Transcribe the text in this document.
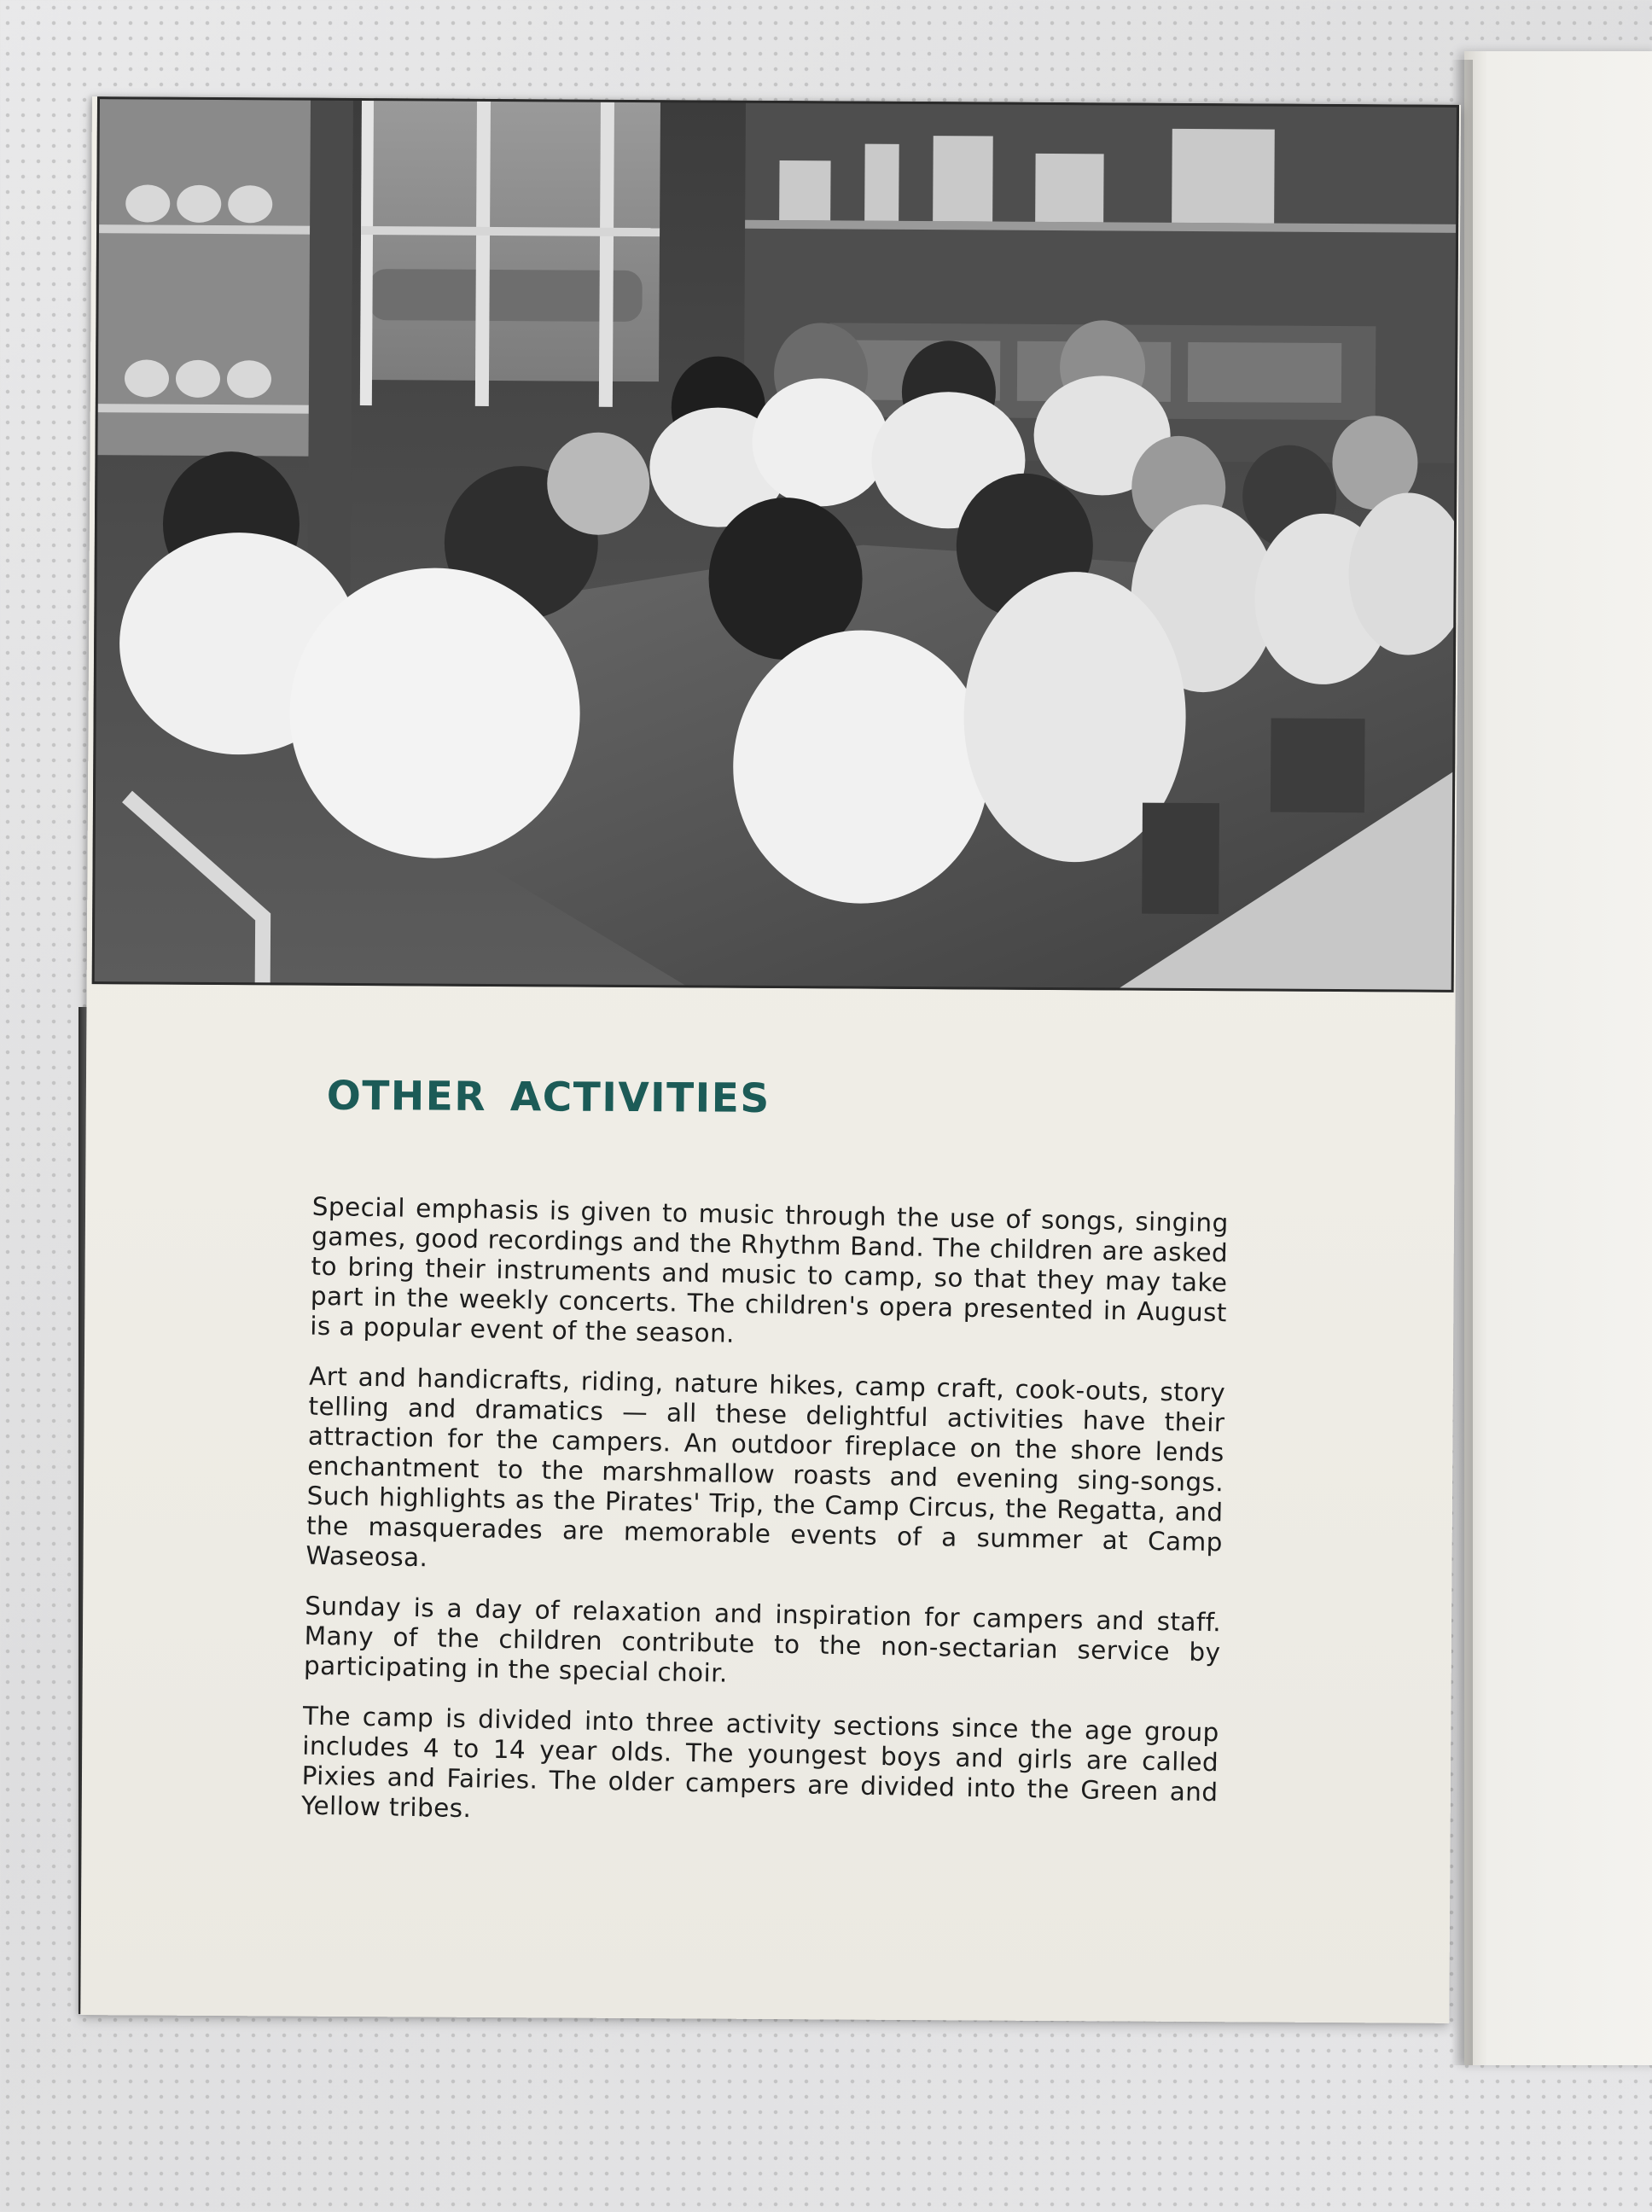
OTHER ACTIVITIES

Special emphasis is given to music through the use of songs, singing games, good recordings and the Rhythm Band. The children are asked to bring their instruments and music to camp, so that they may take part in the weekly concerts. The children's opera presented in August is a popular event of the season.

Art and handicrafts, riding, nature hikes, camp craft, cook-outs, story telling and dramatics — all these delightful activities have their attraction for the campers. An outdoor fireplace on the shore lends enchantment to the marshmallow roasts and evening sing-songs. Such highlights as the Pirates' Trip, the Camp Circus, the Regatta, and the masquerades are memorable events of a summer at Camp Waseosa.

Sunday is a day of relaxation and inspiration for campers and staff. Many of the children contribute to the non-sectarian service by participating in the special choir.

The camp is divided into three activity sections since the age group includes 4 to 14 year olds. The youngest boys and girls are called Pixies and Fairies. The older campers are divided into the Green and Yellow tribes.
